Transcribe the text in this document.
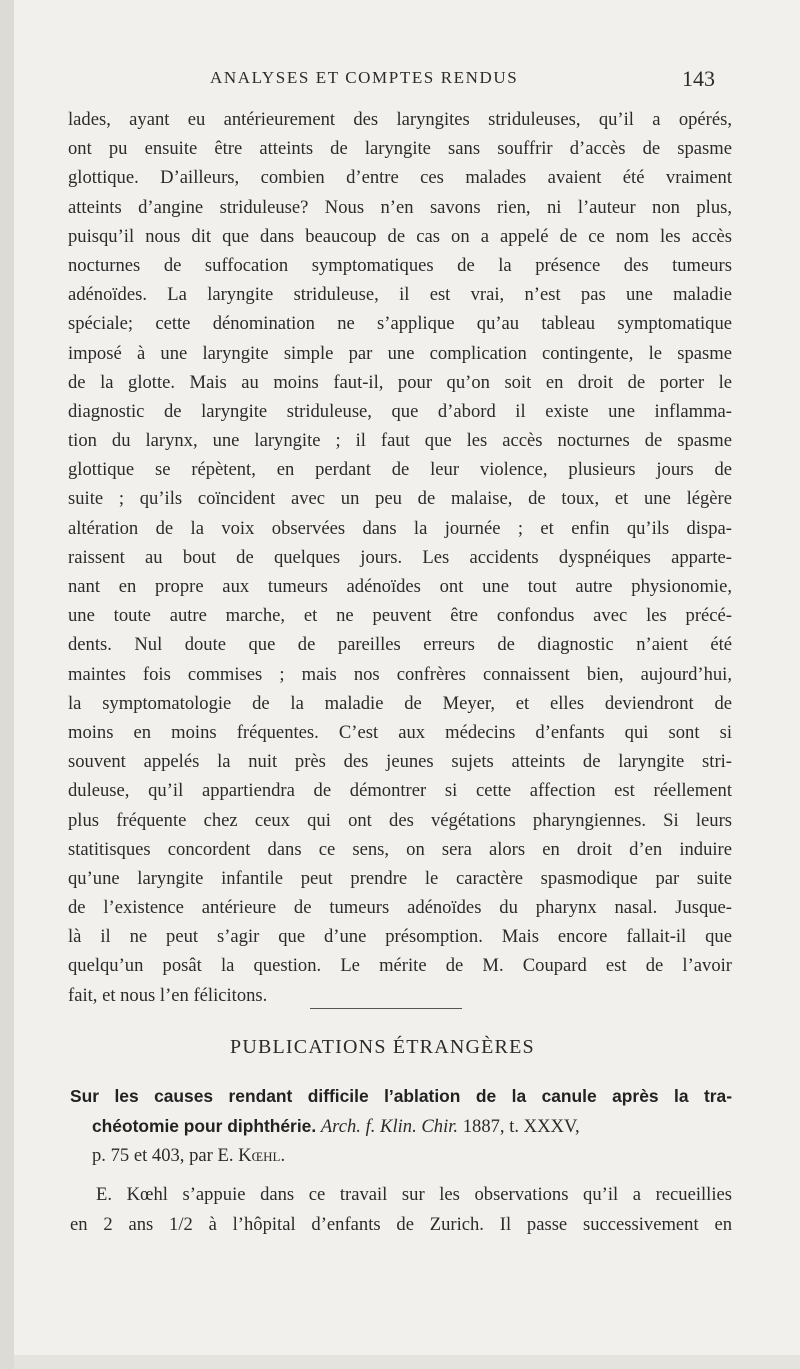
ANALYSES ET COMPTES RENDUS	143
lades, ayant eu antérieurement des laryngites striduleuses, qu’il a opérés,
ont pu ensuite être atteints de laryngite sans souffrir d’accès de spasme
glottique. D’ailleurs, combien d’entre ces malades avaient été vraiment
atteints d’angine striduleuse? Nous n’en savons rien, ni l’auteur non plus,
puisqu’il nous dit que dans beaucoup de cas on a appelé de ce nom les accès
nocturnes de suffocation symptomatiques de la présence des tumeurs
adénoïdes. La laryngite striduleuse, il est vrai, n’est pas une maladie
spéciale; cette dénomination ne s’applique qu’au tableau symptomatique
imposé à une laryngite simple par une complication contingente, le spasme
de la glotte. Mais au moins faut-il, pour qu’on soit en droit de porter le
diagnostic de laryngite striduleuse, que d’abord il existe une inflamma-
tion du larynx, une laryngite ; il faut que les accès nocturnes de spasme
glottique se répètent, en perdant de leur violence, plusieurs jours de
suite ; qu’ils coïncident avec un peu de malaise, de toux, et une légère
altération de la voix observées dans la journée ; et enfin qu’ils dispa-
raissent au bout de quelques jours. Les accidents dyspnéiques apparte-
nant en propre aux tumeurs adénoïdes ont une tout autre physionomie,
une toute autre marche, et ne peuvent être confondus avec les précé-
dents. Nul doute que de pareilles erreurs de diagnostic n’aient été
maintes fois commises ; mais nos confrères connaissent bien, aujourd’hui,
la symptomatologie de la maladie de Meyer, et elles deviendront de
moins en moins fréquentes. C’est aux médecins d’enfants qui sont si
souvent appelés la nuit près des jeunes sujets atteints de laryngite stri-
duleuse, qu’il appartiendra de démontrer si cette affection est réellement
plus fréquente chez ceux qui ont des végétations pharyngiennes. Si leurs
statitisques concordent dans ce sens, on sera alors en droit d’en induire
qu’une laryngite infantile peut prendre le caractère spasmodique par suite
de l’existence antérieure de tumeurs adénoïdes du pharynx nasal. Jusque-
là il ne peut s’agir que d’une présomption. Mais encore fallait-il que
quelqu’un posât la question. Le mérite de M. Coupard est de l’avoir
fait, et nous l’en félicitons.
PUBLICATIONS ÉTRANGÈRES
Sur les causes rendant difficile l’ablation de la canule après la tra-
chéotomie pour diphthérie. Arch. f. Klin. Chir. 1887, t. XXXV,
p. 75 et 403, par E. Kœhl.
E. Kœhl s’appuie dans ce travail sur les observations qu’il a recueillies
en 2 ans 1/2 à l’hôpital d’enfants de Zurich. Il passe successivement en
